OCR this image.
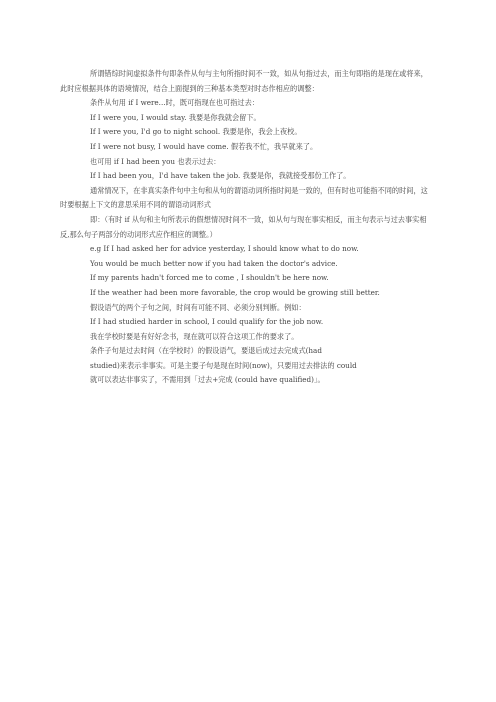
所谓错综时间虚拟条件句即条件从句与主句所指时间不一致，如从句指过去，而主句即指的是现在或将来，此时应根据具体的语境情况，结合上面提到的三种基本类型对时态作相应的调整：

条件从句用 if I were...时，既可指现在也可指过去：

If I were you, I would stay. 我要是你我就会留下。

If I were you, I'd go to night school. 我要是你，我会上夜校。

If I were not busy, I would have come. 假若我不忙，我早就来了。

也可用 if I had been you 也表示过去：

If I had been you，I'd have taken the job. 我要是你，我就接受那份工作了。

通常情况下，在非真实条件句中主句和从句的谓语动词所指时间是一致的，但有时也可能指不同的时间，这时要根据上下文的意思采用不同的谓语动词形式

即：（有时 if 从句和主句所表示的假想情况时间不一致，如从句与现在事实相反，而主句表示与过去事实相反,那么句子两部分的动词形式应作相应的调整。）

e.g If I had asked her for advice yesterday, I should know what to do now.

You would be much better now if you had taken the doctor's advice.

If my parents hadn't forced me to come , I shouldn't be here now.

If the weather had been more favorable, the crop would be growing still better.

假设语气的两个子句之间，时间有可能不同、必须分别判断。例如：

If I had studied harder in school, I could qualify for the job now.

我在学校时要是有好好念书，现在就可以符合这项工作的要求了。

条件子句是过去时间（在学校时）的假设语气，要退后成过去完成式(had

studied)来表示非事实。可是主要子句是现在时间(now)，只要用过去排法的 could

就可以表达非事实了，不需用到「过去+完成 (could have qualified)」。
